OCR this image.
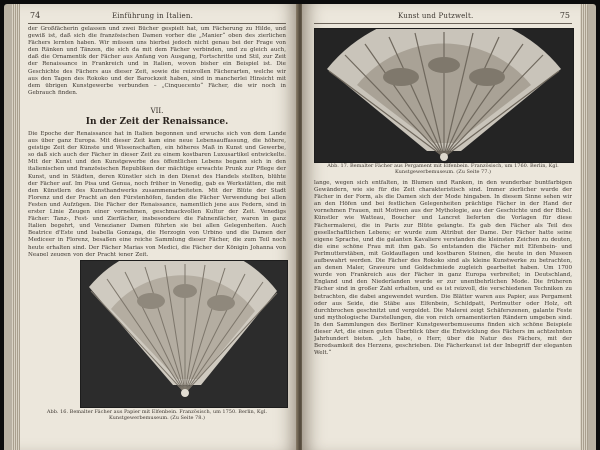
74	Einführung in Italien.
der Großfächerin gelassen und zwei Bücher gespielt hat, um Fächerung zu Hilde, und gewiß ist, daß sich die französischen Damen vorher die „Manier“ oben des zierlichen Fächers lernten haben. Wir müssen uns hierbei jedoch nicht genau bei der Frage von den Ränken und Tänzen, die sich da mit dem Fächer verbinden, und zu gleich auch, daß die Ornamentik der Fächer aus Anfang von Ausgang, Fortschritte und Stil, zur Zeit der Renaissance in Frankreich und in Italien, wovon bisher ein Beispiel ist. Die Geschichte des Fächers aus dieser Zeit, sowie die reizvollen Fächerarten, welche wir aus den Tagen des Rokoko und der Barockzeit haben, sind in mancherlei Hinsicht mit dem übrigen Kunstgewerbe verbunden – „Cinquecento“ Fächer, die wir noch in Gebrauch finden.
VII.
In der Zeit der Renaissance.
Die Epoche der Renaissance hat in Italien begonnen und erwuchs sich von dem Lande aus über ganz Europa. Mit dieser Zeit kam eine neue Lebensauffassung, die höhere, geistige Zeit der Künste und Wissenschaften, ein höheres Maß in Kunst und Gewerbe, so daß sich auch der Fächer in dieser Zeit zu einem kostbaren Luxusartikel entwickelte. Mit der Kunst und den Kunstgewerbe des öffentlichen Lebens begann sich in den italienischen und französischen Republiken der mächtige erwachte Prunk zur Pflege der Kunst, und in Städten, deren Künstler sich in den Dienst des Handels stellten, blühte der Fächer auf. Im Pisa und Genua, noch früher in Venedig, gab es Werkstätten, die mit den Künstlern des Kunsthandwerks zusammenarbeiteten. Mit der Blüte der Stadt Florenz und der Pracht an den Fürstenhöfen, fanden die Fächer Verwendung bei allen Festen und Aufzügen. Die Fächer der Renaissance, namentlich jene aus Federn, sind in erster Linie Zeugen einer vornehmen, geschmackvollen Kultur der Zeit. Venedigs Fächer: Tanz-, Fest- und Zierfächer, insbesondere die Fahnenfächer, waren in ganz Italien begehrt, und Venezianer Damen führten sie bei allen Gelegenheiten. Auch Beatrice d'Este und Isabella Gonzaga, die Herzogin von Urbino und die Damen der Mediceer in Florenz, besaßen eine reiche Sammlung dieser Fächer, die zum Teil noch heute erhalten sind. Der Fächer Marias von Medici, die Fächer der Königin Johanna von Neapel zeugen von der Pracht jener Zeit.
Abb. 16. Bemalter Fächer aus Papier mit Elfenbein. Französisch, um 1750. Berlin, Kgl. Kunstgewerbemuseum. (Zu Seite 78.)
Kunst und Putzwelt.	75
Abb. 17. Bemalter Fächer aus Pergament mit Elfenbein. Französisch, um 1760. Berlin, Kgl. Kunstgewerbemuseum. (Zu Seite 77.)
lange, wegen sich entfalten, in Blumen und Ranken, in den wunderbar buntfarbigen Gewändern, wie sie für die Zeit charakteristisch sind. Immer zierlicher wurde der Fächer in der Form, als die Damen sich der Mode hingaben. In diesem Sinne sehen wir an den Höfen und bei festlichen Gelegenheiten prächtige Fächer in der Hand der vornehmen Frauen, mit Motiven aus der Mythologie, aus der Geschichte und der Bibel. Künstler wie Watteau, Boucher und Lancret lieferten die Vorlagen für diese Fächermalerei, die in Paris zur Blüte gelangte. Es gab den Fächer als Teil des gesellschaftlichen Lebens; er wurde zum Attribut der Dame. Der Fächer hatte seine eigene Sprache, und die galanten Kavaliere verstanden die kleinsten Zeichen zu deuten, die eine schöne Frau mit ihm gab. So entstanden die Fächer mit Elfenbein- und Perlmutterstäben, mit Goldauflagen und kostbaren Steinen, die heute in den Museen aufbewahrt werden. Die Fächer des Rokoko sind als kleine Kunstwerke zu betrachten, an denen Maler, Graveure und Goldschmiede zugleich gearbeitet haben. Um 1700 wurde von Frankreich aus der Fächer in ganz Europa verbreitet; in Deutschland, England und den Niederlanden wurde er zur unentbehrlichen Mode. Die früheren Fächer sind in großer Zahl erhalten, und es ist reizvoll, die verschiedenen Techniken zu betrachten, die dabei angewendet wurden. Die Blätter waren aus Papier, aus Pergament oder aus Seide, die Stäbe aus Elfenbein, Schildpatt, Perlmutter oder Holz, oft durchbrochen geschnitzt und vergoldet. Die Malerei zeigt Schäferszenen, galante Feste und mythologische Darstellungen, die von reich ornamentierten Rändern umgeben sind. In den Sammlungen des Berliner Kunstgewerbemuseums finden sich schöne Beispiele dieser Art, die einen guten Überblick über die Entwicklung des Fächers im achtzehnten Jahrhundert bieten. „Ich habe, o Herr, über die Natur des Fächers, mit der Beredsamkeit des Herzens, geschrieben. Die Fächerkunst ist der Inbegriff der eleganten Welt.“
